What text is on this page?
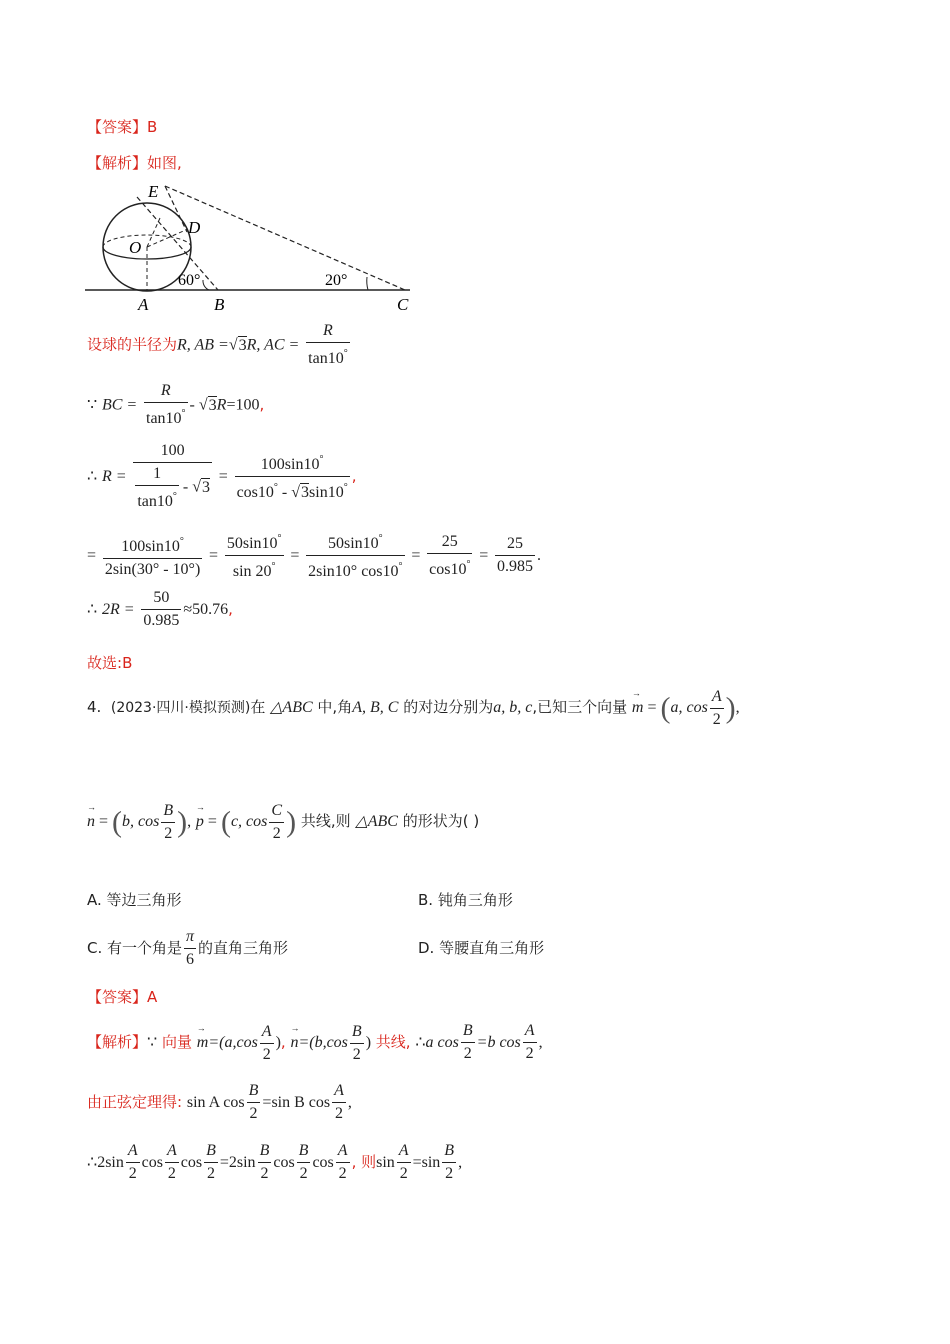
【答案】B
【解析】如图,
E
D
O
60°	20°
A	B	C
设球的半径为R, AB =√3R, AC = $\frac{R}{\tan 10^\circ}$
∵ BC = $\frac{R}{\tan 10^\circ} - √3R=100$,
∴ $R = \frac{100}{\frac{1}{\tan 10^\circ} - √3} = \frac{100\sin 10^\circ}{\cos 10^\circ - √3\sin 10^\circ}$ ,
= $\frac{100\sin 10^\circ}{2\sin(30^\circ - 10^\circ)} = \frac{50\sin 10^\circ}{\sin 20^\circ} = \frac{50\sin 10^\circ}{2\sin 10^\circ \cos 10^\circ} = \frac{25}{\cos 10^\circ} = \frac{25}{0.985}$ .
∴ $2R = \frac{50}{0.985} \approx 50.76$,
故选:B
4. (2023·四川·模拟预测)在 △ABC 中,角A, B, C 的对边分别为a, b, c,已知三个向量 → m = (a, $\cos \frac{A}{2}$ ),
→ n = (b, $\cos \frac{B}{2}$ ), → p = (c, $\cos \frac{C}{2}$ ) 共线,则 △ABC 的形状为( )
A. 等边三角形	B. 钝角三角形
C. 有一个角是 $\frac{\pi}{6}$ 的直角三角形	D. 等腰直角三角形
【答案】A
【解析】∵ 向量 → $m=(a,\cos \frac{A}{2}$ ), → $n=(b,\cos \frac{B}{2}$ ) 共线, ∴a $\cos \frac{B}{2} =b$ $\cos \frac{A}{2}$ ,
由正弦定理得: sin A $\cos \frac{B}{2} =\sin$ B $\cos \frac{A}{2}$ ,
∴2sin $\frac{A}{2}$ $\cos \frac{A}{2}$ $\cos \frac{B}{2} =2\sin \frac{B}{2}$ $\cos \frac{B}{2}$ $\cos \frac{A}{2}$ , 则$\sin \frac{A}{2} =\sin \frac{B}{2}$ ,
